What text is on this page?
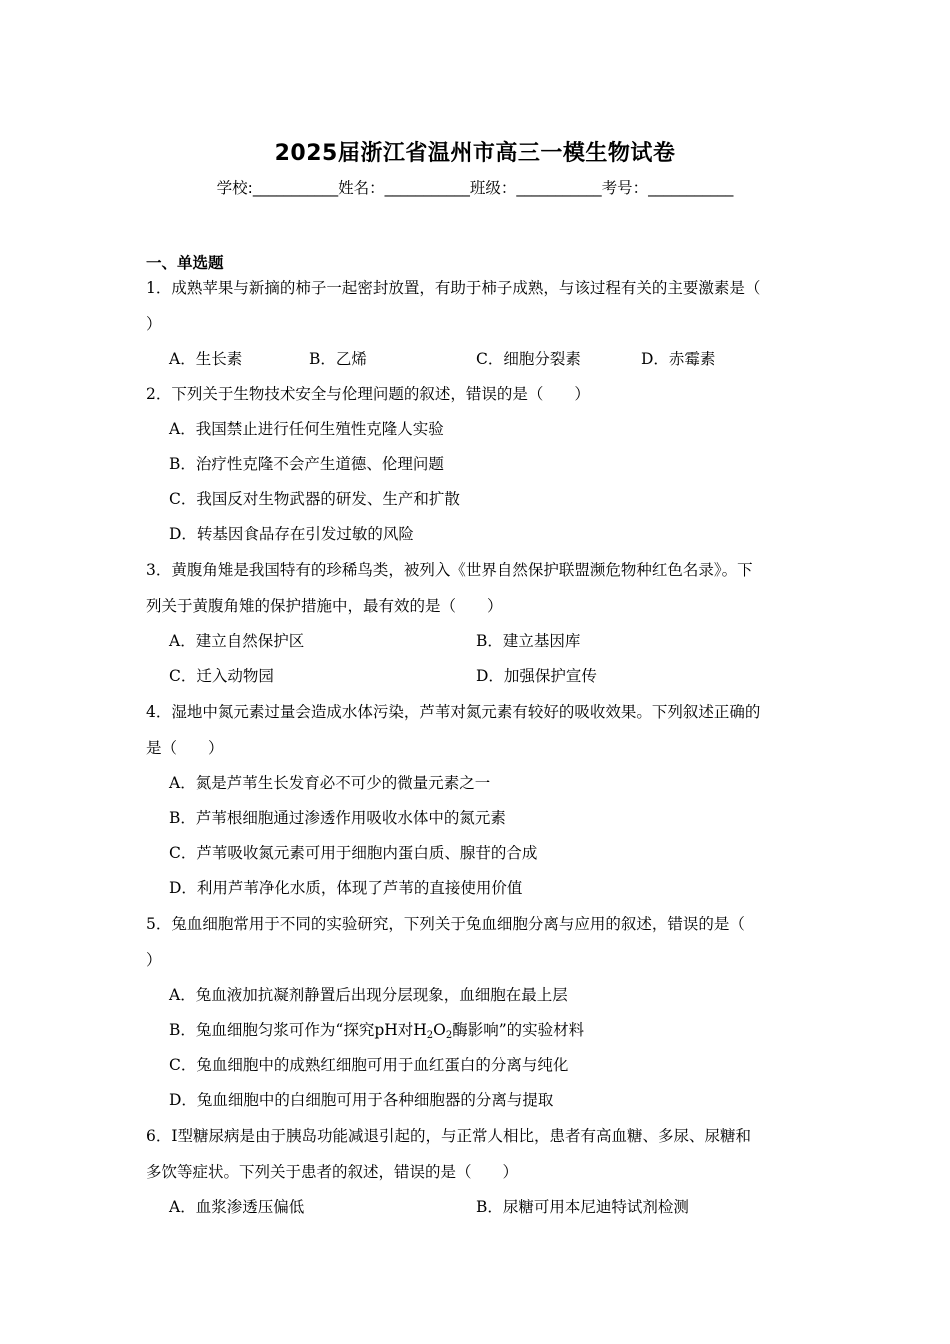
2025届浙江省温州市高三一模生物试卷
学校:___________姓名：___________班级：___________考号：___________
一、单选题
1．成熟苹果与新摘的柿子一起密封放置，有助于柿子成熟，与该过程有关的主要激素是（
）
A．生长素	B．乙烯	C．细胞分裂素	D．赤霉素
2．下列关于生物技术安全与伦理问题的叙述，错误的是（　　）
A．我国禁止进行任何生殖性克隆人实验
B．治疗性克隆不会产生道德、伦理问题
C．我国反对生物武器的研发、生产和扩散
D．转基因食品存在引发过敏的风险
3．黄腹角雉是我国特有的珍稀鸟类，被列入《世界自然保护联盟濒危物种红色名录》。下
列关于黄腹角雉的保护措施中，最有效的是（　　）
A．建立自然保护区	B．建立基因库
C．迁入动物园	D．加强保护宣传
4．湿地中氮元素过量会造成水体污染，芦苇对氮元素有较好的吸收效果。下列叙述正确的
是（　　）
A．氮是芦苇生长发育必不可少的微量元素之一
B．芦苇根细胞通过渗透作用吸收水体中的氮元素
C．芦苇吸收氮元素可用于细胞内蛋白质、腺苷的合成
D．利用芦苇净化水质，体现了芦苇的直接使用价值
5．兔血细胞常用于不同的实验研究，下列关于兔血细胞分离与应用的叙述，错误的是（
）
A．兔血液加抗凝剂静置后出现分层现象，血细胞在最上层
B．兔血细胞匀浆可作为“探究pH对$H_2O_2$酶影响”的实验材料
C．兔血细胞中的成熟红细胞可用于血红蛋白的分离与纯化
D．兔血细胞中的白细胞可用于各种细胞器的分离与提取
6．Ⅰ型糖尿病是由于胰岛功能减退引起的，与正常人相比，患者有高血糖、多尿、尿糖和
多饮等症状。下列关于患者的叙述，错误的是（　　）
A．血浆渗透压偏低	B．尿糖可用本尼迪特试剂检测
